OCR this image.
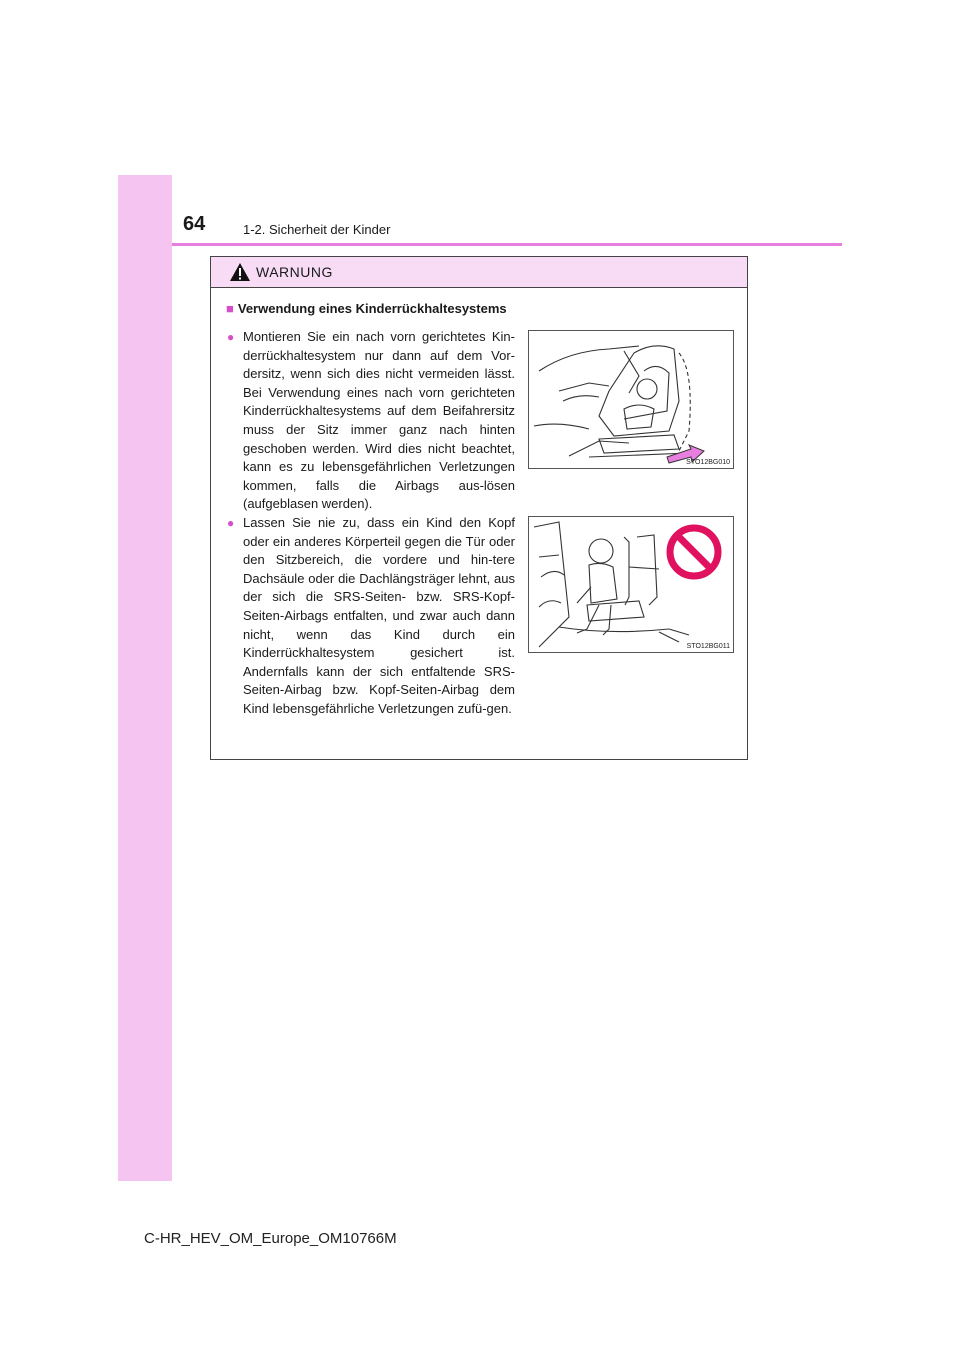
64	1-2. Sicherheit der Kinder
WARNUNG
■ Verwendung eines Kinderrückhaltesystems
● Montieren Sie ein nach vorn gerichtetes Kin-derrückhaltesystem nur dann auf dem Vor-dersitz, wenn sich dies nicht vermeiden lässt. Bei Verwendung eines nach vorn gerichteten Kinderrückhaltesystems auf dem Beifahrersitz muss der Sitz immer ganz nach hinten geschoben werden. Wird dies nicht beachtet, kann es zu lebensgefährlichen Verletzungen kommen, falls die Airbags aus-lösen (aufgeblasen werden).
STO12BG010
● Lassen Sie nie zu, dass ein Kind den Kopf oder ein anderes Körperteil gegen die Tür oder den Sitzbereich, die vordere und hin-tere Dachsäule oder die Dachlängsträger lehnt, aus der sich die SRS-Seiten- bzw. SRS-Kopf-Seiten-Airbags entfalten, und zwar auch dann nicht, wenn das Kind durch ein Kinderrückhaltesystem gesichert ist. Andernfalls kann der sich entfaltende SRS-Seiten-Airbag bzw. Kopf-Seiten-Airbag dem Kind lebensgefährliche Verletzungen zufü-gen.
STO12BG011
C-HR_HEV_OM_Europe_OM10766M
